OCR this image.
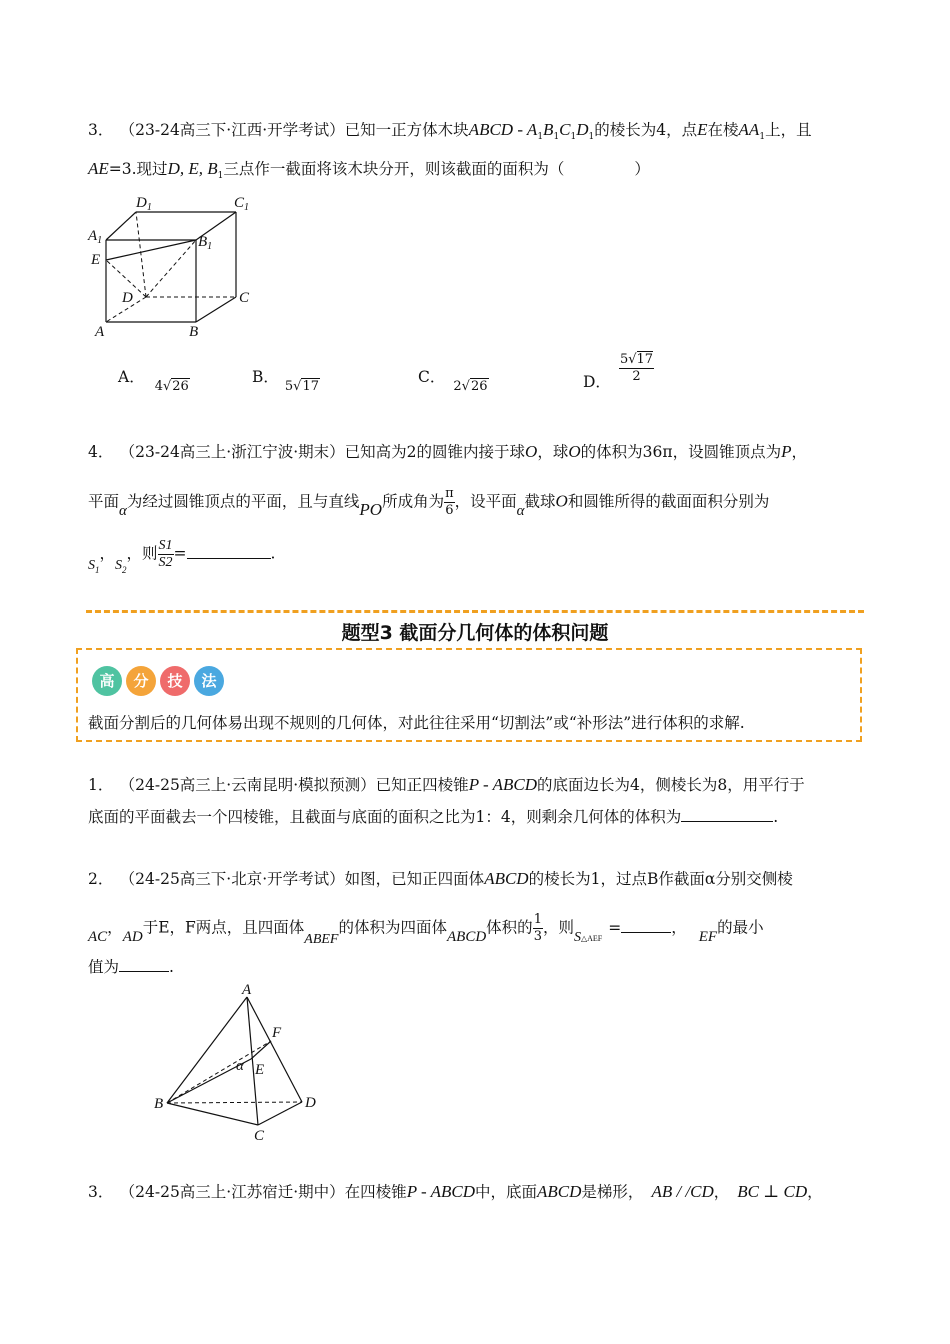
3． （23-24高三下·江西·开学考试）已知一正方体木块ABCD - $A_1B_1C_1D_1$的棱长为4，点E在棱$AA_1$上，且
AE=3.现过D, E, $B_1$三点作一截面将该木块分开，则该截面的面积为（	）
$D_1$	$C_1$
$A_1$	$B_1$
E
D	C
A	B
A．$_{4√26}$
B．$_{5√17}$
C．$_{2√26}$	D． $\frac{5√17}{2}$
4． （23-24高三上·浙江宁波·期末）已知高为2的圆锥内接于球O，球O的体积为36π，设圆锥顶点为P，
平面α为经过圆锥顶点的平面，且与直线PO所成角为 $\frac{\pi}{6}$ ，设平面α截球O和圆锥所得的截面面积分别为
$S_1$，$S_2$，则 $\frac{S1}{S2}$ =	.
题型3 截面分几何体的体积问题
高	分	技	法
截面分割后的几何体易出现不规则的几何体，对此往往采用“切割法”或“补形法”进行体积的求解.
1． （24-25高三上·云南昆明·模拟预测）已知正四棱锥P - ABCD的底面边长为4，侧棱长为8，用平行于
底面的平面截去一个四棱锥，且截面与底面的面积之比为1：4，则剩余几何体的体积为	.
2． （24-25高三下·北京·开学考试）如图，已知正四面体ABCD的棱长为1，过点B作截面α分别交侧棱
AC，AD于E，F两点，且四面体ABEF的体积为四面体ABCD体积的 $\frac{1}{3}$ ，则S△AEF=	， EF的最小
值为	.
A
F
α E
B	D
C
3． （24-25高三上·江苏宿迁·期中）在四棱锥P - ABCD中，底面ABCD是梯形， AB / /CD， BC ⊥ CD，
